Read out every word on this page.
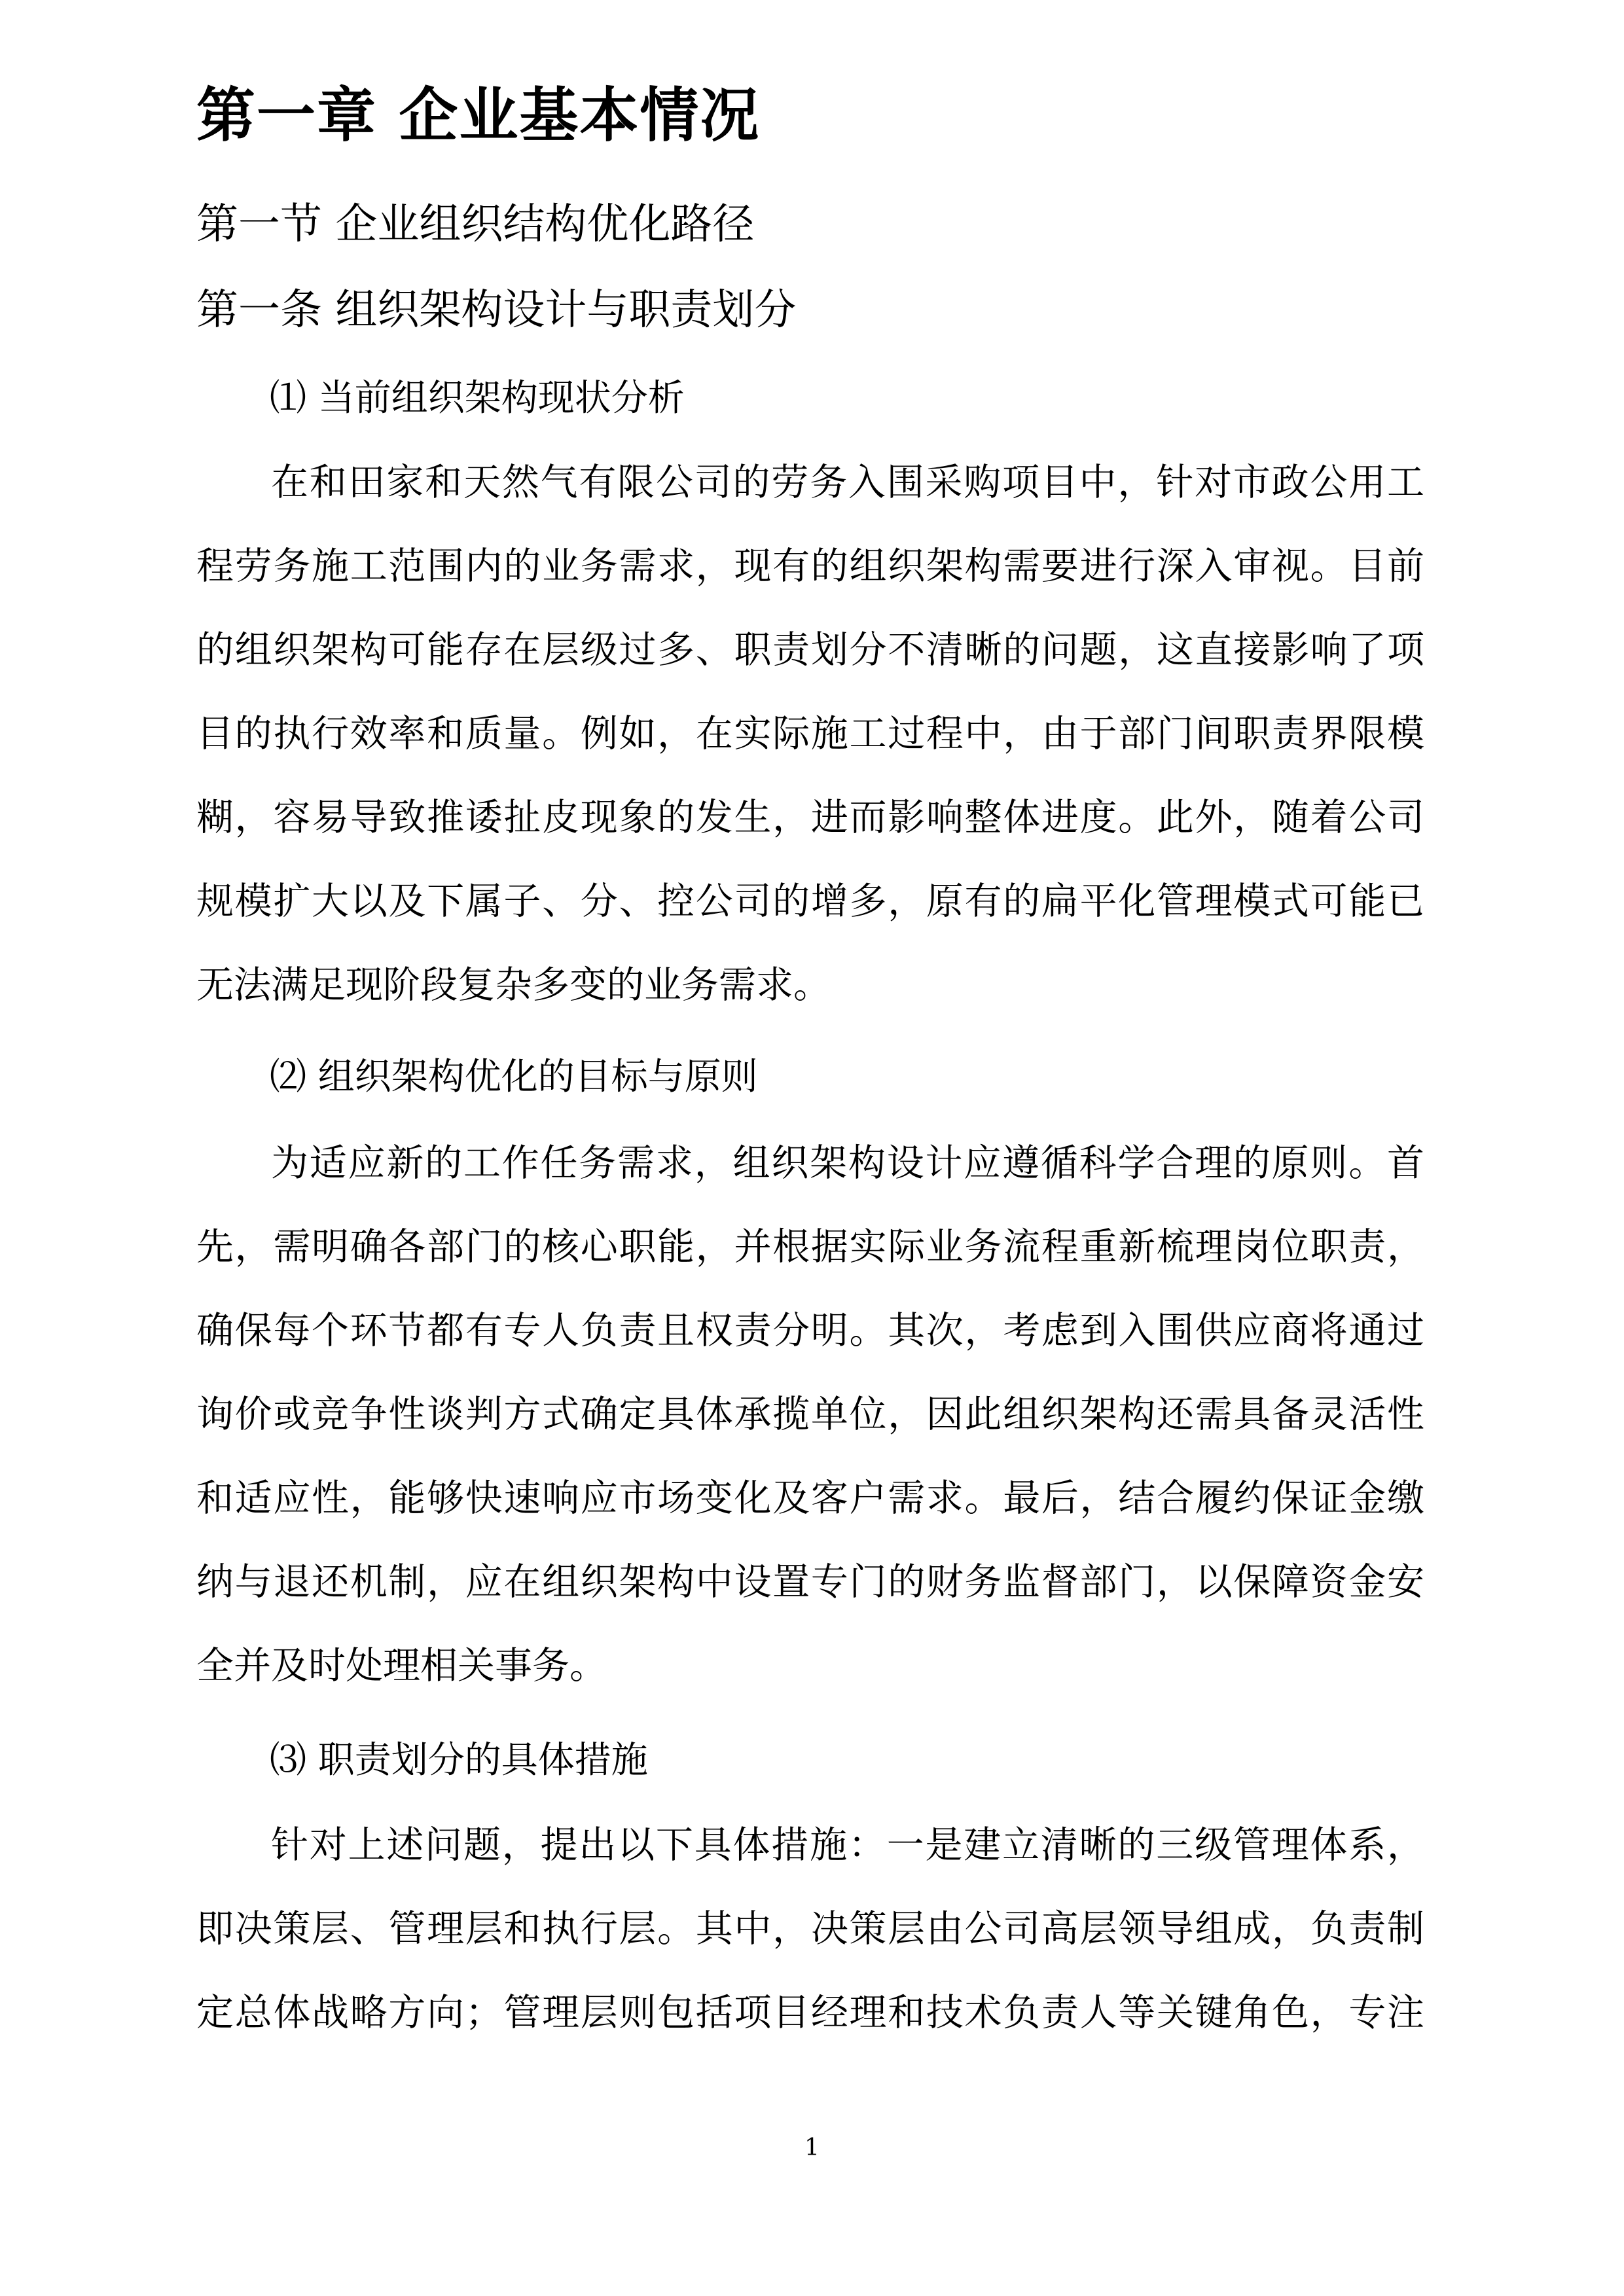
第一章 企业基本情况
第一节 企业组织结构优化路径
第一条 组织架构设计与职责划分
⑴ 当前组织架构现状分析
在和田家和天然气有限公司的劳务入围采购项目中，针对市政公用工
程劳务施工范围内的业务需求，现有的组织架构需要进行深入审视。目前
的组织架构可能存在层级过多、职责划分不清晰的问题，这直接影响了项
目的执行效率和质量。例如，在实际施工过程中，由于部门间职责界限模
糊，容易导致推诿扯皮现象的发生，进而影响整体进度。此外，随着公司
规模扩大以及下属子、分、控公司的增多，原有的扁平化管理模式可能已
无法满足现阶段复杂多变的业务需求。
⑵ 组织架构优化的目标与原则
为适应新的工作任务需求，组织架构设计应遵循科学合理的原则。首
先，需明确各部门的核心职能，并根据实际业务流程重新梳理岗位职责，
确保每个环节都有专人负责且权责分明。其次，考虑到入围供应商将通过
询价或竞争性谈判方式确定具体承揽单位，因此组织架构还需具备灵活性
和适应性，能够快速响应市场变化及客户需求。最后，结合履约保证金缴
纳与退还机制，应在组织架构中设置专门的财务监督部门，以保障资金安
全并及时处理相关事务。
⑶ 职责划分的具体措施
针对上述问题，提出以下具体措施：一是建立清晰的三级管理体系，
即决策层、管理层和执行层。其中，决策层由公司高层领导组成，负责制
定总体战略方向；管理层则包括项目经理和技术负责人等关键角色，专注
1
